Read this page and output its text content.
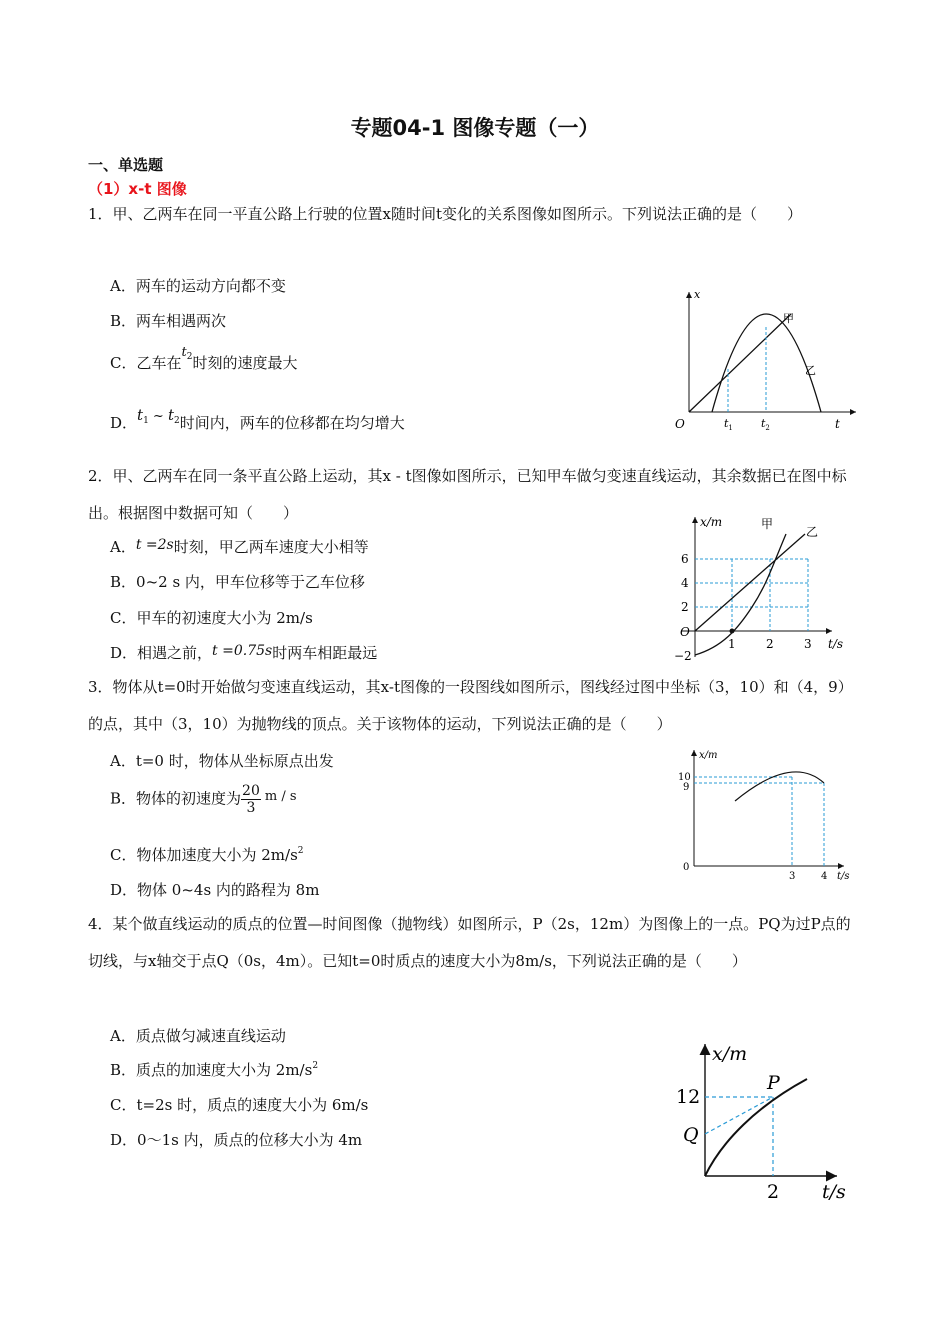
专题04-1 图像专题（一）
一、单选题
（1）x-t 图像
1．甲、乙两车在同一平直公路上行驶的位置x随时间t变化的关系图像如图所示。下列说法正确的是（　　）
A．两车的运动方向都不变
B．两车相遇两次
C．乙车在$t^2$时刻的速度最大
D．$t^1$ ~ $t^2$时间内，两车的位移都在均匀增大
x
O	t
$t_1$	$t_2$
甲
乙
2．甲、乙两车在同一条平直公路上运动，其x - t图像如图所示，已知甲车做匀变速直线运动，其余数据已在图中标出。根据图中数据可知（　　）
A．t =2s时刻，甲乙两车速度大小相等
B．0~2 s 内，甲车位移等于乙车位移
C．甲车的初速度大小为 2m/s
D．相遇之前，t =0.75s时两车相距最远
x/m	甲
乙
6
4
2
−2
O
1	2	3 t/s
3．物体从t=0时开始做匀变速直线运动，其x-t图像的一段图线如图所示，图线经过图中坐标（3，10）和（4，9）的点，其中（3，10）为抛物线的顶点。关于该物体的运动，下列说法正确的是（　　）
A．t=0 时，物体从坐标原点出发
B．物体的初速度为 $\frac{20}{3}$ m / s
C．物体加速度大小为 $2m/s^2$
D．物体 0~4s 内的路程为 8m
x/m
10
9
0
3	4 t/s
4．某个做直线运动的质点的位置—时间图像（抛物线）如图所示，P（2s，12m）为图像上的一点。PQ为过P点的切线，与x轴交于点Q（0s，4m）。已知t=0时质点的速度大小为8m/s，下列说法正确的是（　　）
A．质点做匀减速直线运动
B．质点的加速度大小为 $2m/s^2$
C．t=2s 时，质点的速度大小为 6m/s
D．0～1s 内，质点的位移大小为 4m
x/m
P
12
Q
2 t/s
